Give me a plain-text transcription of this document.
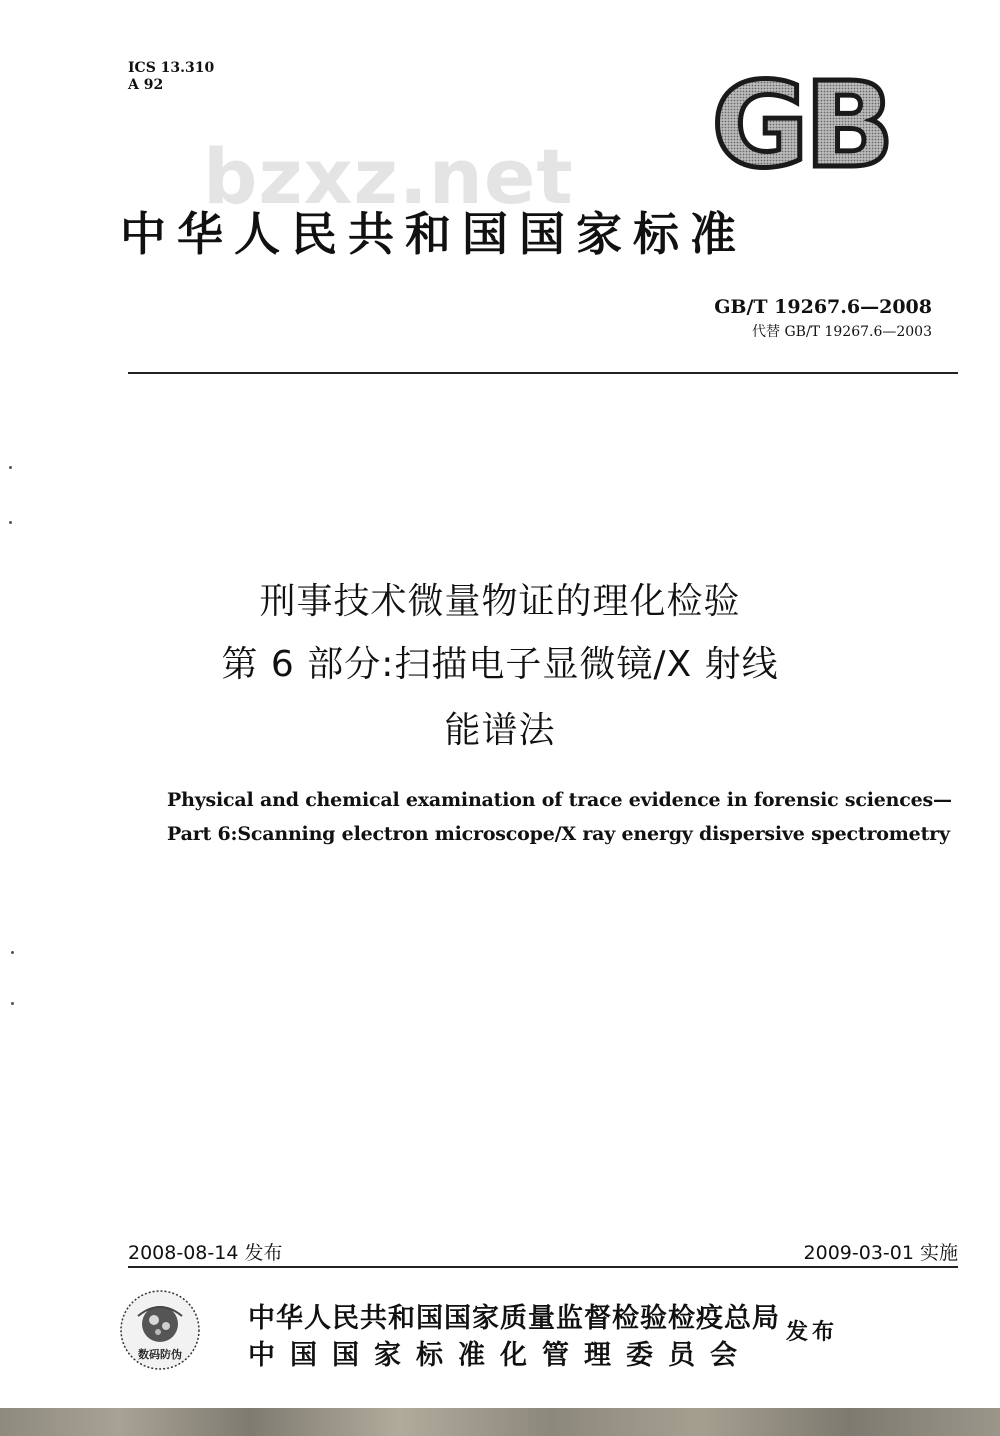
ICS 13.310
A 92	GB
bzxz.net
中华人民共和国国家标准
GB/T 19267.6—2008
代替 GB/T 19267.6—2003
刑事技术微量物证的理化检验
第 6 部分:扫描电子显微镜/X 射线
能谱法
Physical and chemical examination of trace evidence in forensic sciences—
Part 6:Scanning electron microscope/X ray energy dispersive spectrometry
2008-08-14 发布	2009-03-01 实施
数码防伪
中华人民共和国国家质量监督检验检疫总局
中国国家标准化管理委员会
发布
